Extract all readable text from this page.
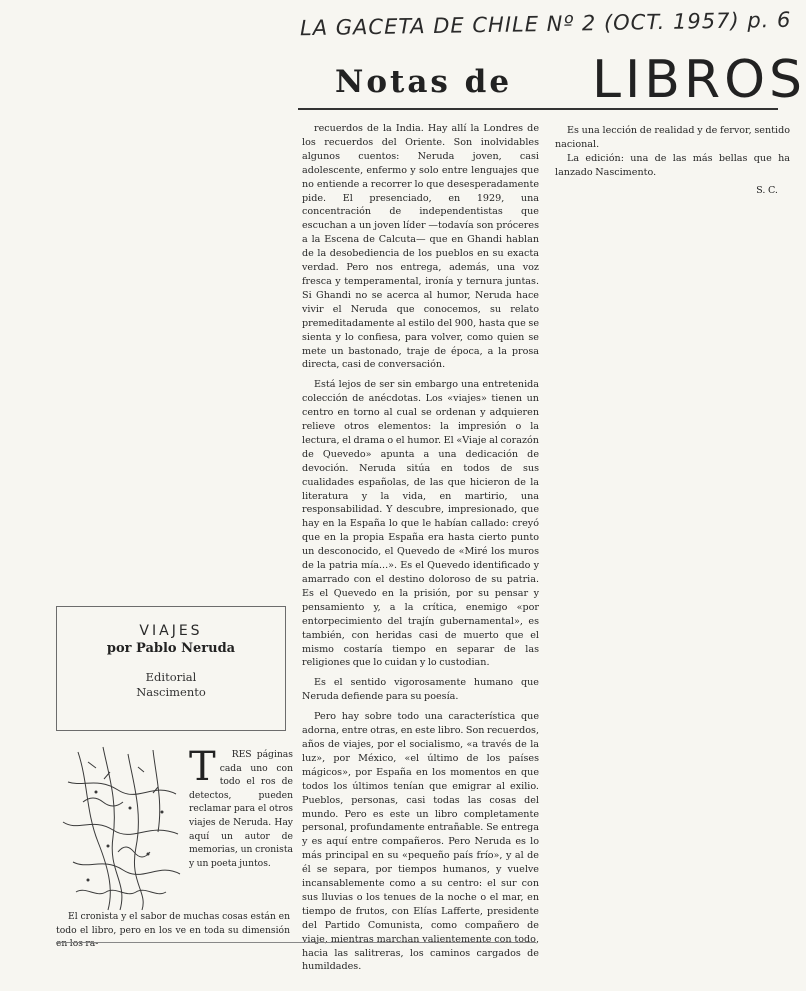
LA GACETA DE CHILE Nº 2 (OCT. 1957) p. 6
Notas de LIBROS

recuerdos de la India. Hay allí la Londres de los recuerdos del Oriente. Son inolvidables algunos cuentos: Neruda joven, casi adolescente, enfermo y solo entre lenguajes que no entiende a recorrer lo que desesperadamente pide. El presenciado, en 1929, una concentración de independentistas que escuchan a un joven líder —todavía son próceres a la Escena de Calcuta— que en Ghandi hablan de la desobediencia de los pueblos en su exacta verdad. Pero nos entrega, además, una voz fresca y temperamental, ironía y ternura juntas. Si Ghandi no se acerca al humor, Neruda hace vivir el Neruda que conocemos, su relato premeditadamente al estilo del 900, hasta que se sienta y lo confiesa, para volver, como quien se mete un bastonado, traje de época, a la prosa directa, casi de conversación.

Está lejos de ser sin embargo una entretenida colección de anécdotas. Los «viajes» tienen un centro en torno al cual se ordenan y adquieren relieve otros elementos: la impresión o la lectura, el drama o el humor. El «Viaje al corazón de Quevedo» apunta a una dedicación de devoción. Neruda sitúa en todos de sus cualidades españolas, de las que hicieron de la literatura y la vida, en martirio, una responsabilidad. Y descubre, impresionado, que hay en la España lo que le habían callado: creyó que en la propia España era hasta cierto punto un desconocido, el Quevedo de «Miré los muros de la patria mía...». Es el Quevedo identificado y amarrado con el destino doloroso de su patria. Es el Quevedo en la prisión, por su pensar y pensamiento y, a la crítica, enemigo «por entorpecimiento del trajín gubernamental», es también, con heridas casi de muerto que el mismo costaría tiempo en separar de las religiones que lo cuidan y lo custodian.

Es el sentido vigorosamente humano que Neruda defiende para su poesía.

Pero hay sobre todo una característica que adorna, entre otras, en este libro. Son recuerdos, años de viajes, por el socialismo, «a través de la luz», por México, «el último de los países mágicos», por España en los momentos en que todos los últimos tenían que emigrar al exilio. Pueblos, personas, casi todas las cosas del mundo. Pero es este un libro completamente personal, profundamente entrañable. Se entrega y es aquí entre compañeros. Pero Neruda es lo más principal en su «pequeño país frío», y al de él se separa, por tiempos humanos, y vuelve incansablemente como a su centro: el sur con sus lluvias o los tenues de la noche o el mar, en tiempo de frutos, con Elías Lafferte, presidente del Partido Comunista, como compañero de viaje, mientras marchan valientemente con todo, hacia las salitreras, los caminos cargados de humildades.

Es una lección de realidad y de fervor, sentido nacional.

La edición: una de las más bellas que ha lanzado Nascimento.

S. C.
VIAJES
por Pablo Neruda
Editorial
Nascimento
T	RES páginas cada uno con todo el ros de detectos, pueden reclamar para el otros viajes de Neruda. Hay aquí un autor de memorias, un cronista y un poeta juntos.

El cronista y el sabor de muchas cosas están en todo el libro, pero en los ve en toda su dimensión en los ra-
